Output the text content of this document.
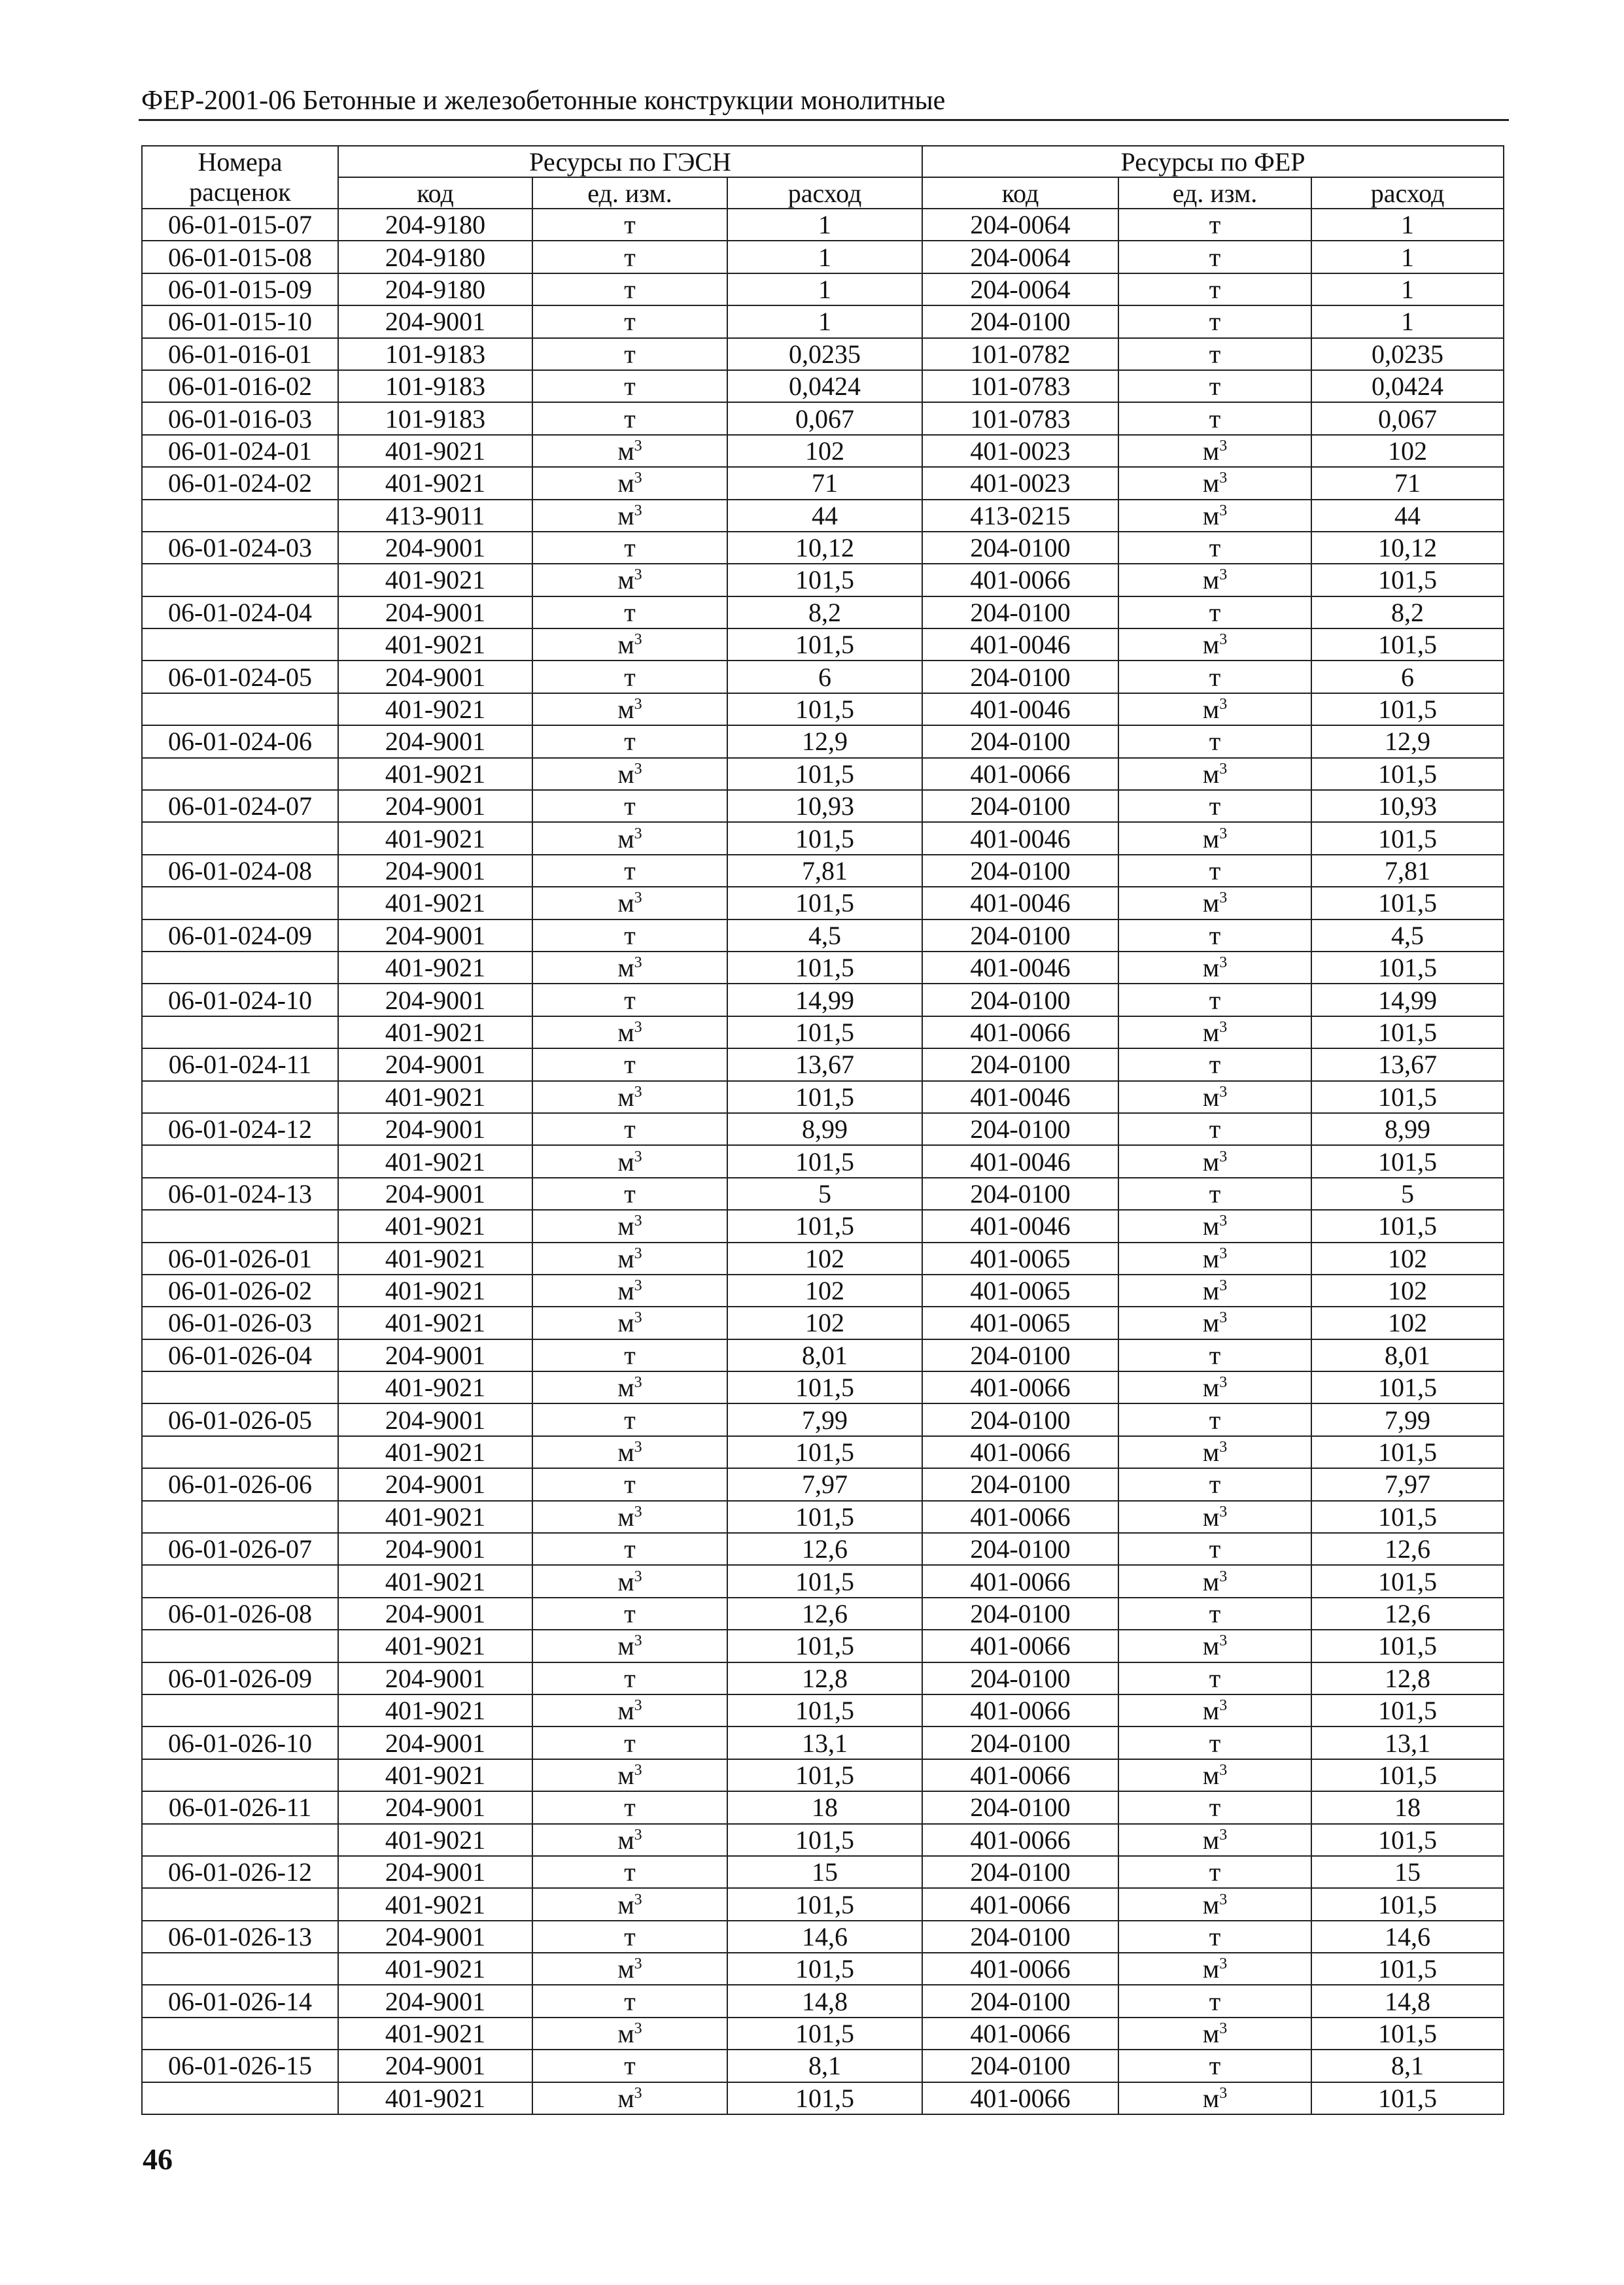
ФЕР-2001-06 Бетонные и железобетонные конструкции монолитные
Номера расценок	Ресурсы по ГЭСН			Ресурсы по ФЕР		
	код	ед. изм.	расход	код	ед. изм.	расход
06-01-015-07	204-9180	т	1	204-0064	т	1
06-01-015-08	204-9180	т	1	204-0064	т	1
06-01-015-09	204-9180	т	1	204-0064	т	1
06-01-015-10	204-9001	т	1	204-0100	т	1
06-01-016-01	101-9183	т	0,0235	101-0782	т	0,0235
06-01-016-02	101-9183	т	0,0424	101-0783	т	0,0424
06-01-016-03	101-9183	т	0,067	101-0783	т	0,067
06-01-024-01	401-9021	$м^3$	102	401-0023	$м^3$	102
06-01-024-02	401-9021	$м^3$	71	401-0023	$м^3$	71
	413-9011	$м^3$	44	413-0215	$м^3$	44
06-01-024-03	204-9001	т	10,12	204-0100	т	10,12
	401-9021	$м^3$	101,5	401-0066	$м^3$	101,5
06-01-024-04	204-9001	т	8,2	204-0100	т	8,2
	401-9021	$м^3$	101,5	401-0046	$м^3$	101,5
06-01-024-05	204-9001	т	6	204-0100	т	6
	401-9021	$м^3$	101,5	401-0046	$м^3$	101,5
06-01-024-06	204-9001	т	12,9	204-0100	т	12,9
	401-9021	$м^3$	101,5	401-0066	$м^3$	101,5
06-01-024-07	204-9001	т	10,93	204-0100	т	10,93
	401-9021	$м^3$	101,5	401-0046	$м^3$	101,5
06-01-024-08	204-9001	т	7,81	204-0100	т	7,81
	401-9021	$м^3$	101,5	401-0046	$м^3$	101,5
06-01-024-09	204-9001	т	4,5	204-0100	т	4,5
	401-9021	$м^3$	101,5	401-0046	$м^3$	101,5
06-01-024-10	204-9001	т	14,99	204-0100	т	14,99
	401-9021	$м^3$	101,5	401-0066	$м^3$	101,5
06-01-024-11	204-9001	т	13,67	204-0100	т	13,67
	401-9021	$м^3$	101,5	401-0046	$м^3$	101,5
06-01-024-12	204-9001	т	8,99	204-0100	т	8,99
	401-9021	$м^3$	101,5	401-0046	$м^3$	101,5
06-01-024-13	204-9001	т	5	204-0100	т	5
	401-9021	$м^3$	101,5	401-0046	$м^3$	101,5
06-01-026-01	401-9021	$м^3$	102	401-0065	$м^3$	102
06-01-026-02	401-9021	$м^3$	102	401-0065	$м^3$	102
06-01-026-03	401-9021	$м^3$	102	401-0065	$м^3$	102
06-01-026-04	204-9001	т	8,01	204-0100	т	8,01
	401-9021	$м^3$	101,5	401-0066	$м^3$	101,5
06-01-026-05	204-9001	т	7,99	204-0100	т	7,99
	401-9021	$м^3$	101,5	401-0066	$м^3$	101,5
06-01-026-06	204-9001	т	7,97	204-0100	т	7,97
	401-9021	$м^3$	101,5	401-0066	$м^3$	101,5
06-01-026-07	204-9001	т	12,6	204-0100	т	12,6
	401-9021	$м^3$	101,5	401-0066	$м^3$	101,5
06-01-026-08	204-9001	т	12,6	204-0100	т	12,6
	401-9021	$м^3$	101,5	401-0066	$м^3$	101,5
06-01-026-09	204-9001	т	12,8	204-0100	т	12,8
	401-9021	$м^3$	101,5	401-0066	$м^3$	101,5
06-01-026-10	204-9001	т	13,1	204-0100	т	13,1
	401-9021	$м^3$	101,5	401-0066	$м^3$	101,5
06-01-026-11	204-9001	т	18	204-0100	т	18
	401-9021	$м^3$	101,5	401-0066	$м^3$	101,5
06-01-026-12	204-9001	т	15	204-0100	т	15
	401-9021	$м^3$	101,5	401-0066	$м^3$	101,5
06-01-026-13	204-9001	т	14,6	204-0100	т	14,6
	401-9021	$м^3$	101,5	401-0066	$м^3$	101,5
06-01-026-14	204-9001	т	14,8	204-0100	т	14,8
	401-9021	$м^3$	101,5	401-0066	$м^3$	101,5
06-01-026-15	204-9001	т	8,1	204-0100	т	8,1
	401-9021	$м^3$	101,5	401-0066	$м^3$	101,5
46
